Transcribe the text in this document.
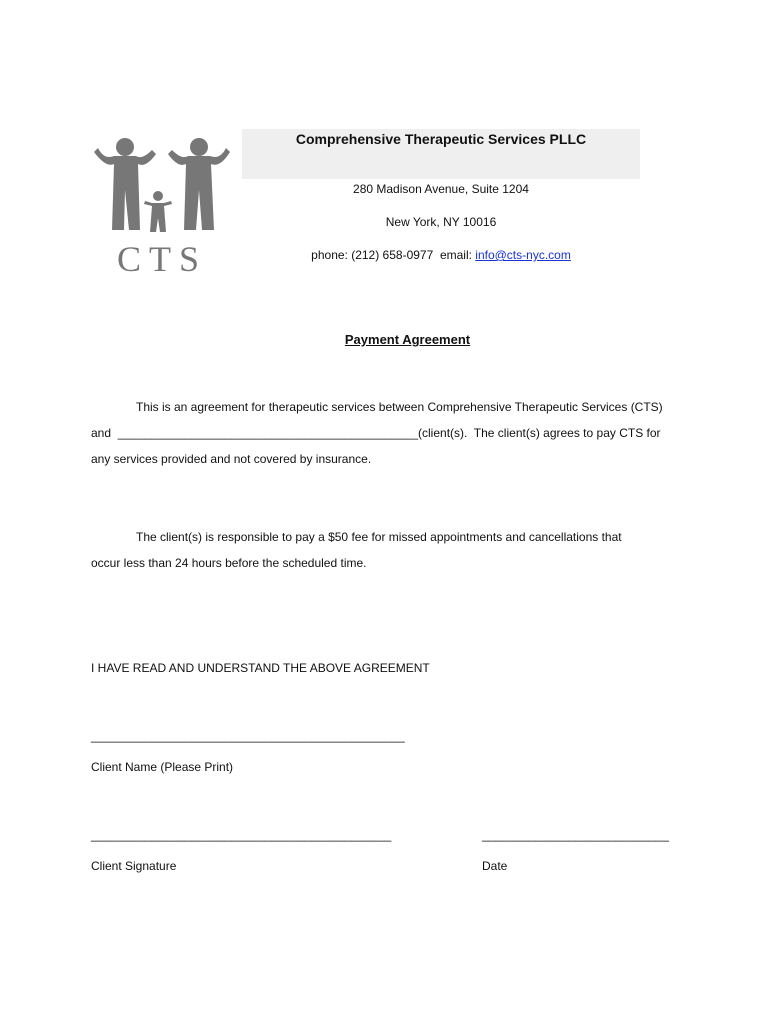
CTS
Comprehensive Therapeutic Services PLLC
280 Madison Avenue, Suite 1204
New York, NY 10016
phone: (212) 658-0977  email: info@cts-nyc.com
Payment Agreement
This is an agreement for therapeutic services between Comprehensive Therapeutic Services (CTS)
and  _____________________________________________(client(s).  The client(s) agrees to pay CTS for
any services provided and not covered by insurance.
The client(s) is responsible to pay a $50 fee for missed appointments and cancellations that
occur less than 24 hours before the scheduled time.
I HAVE READ AND UNDERSTAND THE ABOVE AGREEMENT
_______________________________________________
Client Name (Please Print)
_____________________________________________	____________________________
Client Signature	Date
